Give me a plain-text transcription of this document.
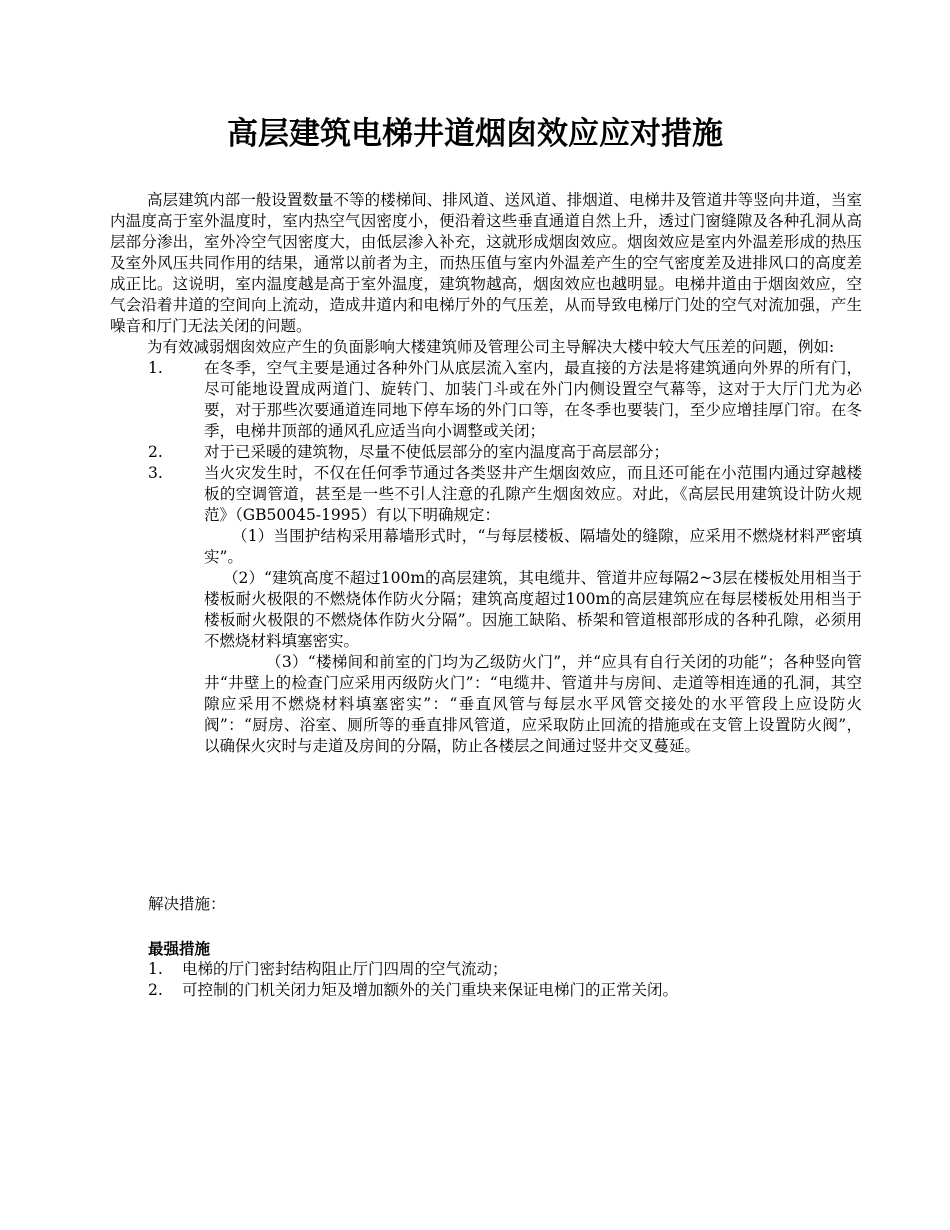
高层建筑电梯井道烟囱效应应对措施

高层建筑内部一般设置数量不等的楼梯间、排风道、送风道、排烟道、电梯井及管道井等竖向井道，当室内温度高于室外温度时，室内热空气因密度小，便沿着这些垂直通道自然上升，透过门窗缝隙及各种孔洞从高层部分渗出，室外冷空气因密度大，由低层渗入补充，这就形成烟囱效应。烟囱效应是室内外温差形成的热压及室外风压共同作用的结果，通常以前者为主，而热压值与室内外温差产生的空气密度差及进排风口的高度差成正比。这说明，室内温度越是高于室外温度，建筑物越高，烟囱效应也越明显。电梯井道由于烟囱效应，空气会沿着井道的空间向上流动，造成井道内和电梯厅外的气压差，从而导致电梯厅门处的空气对流加强，产生噪音和厅门无法关闭的问题。

为有效减弱烟囱效应产生的负面影响大楼建筑师及管理公司主导解决大楼中较大气压差的问题，例如:

1.	在冬季，空气主要是通过各种外门从底层流入室内，最直接的方法是将建筑通向外界的所有门，尽可能地设置成两道门、旋转门、加装门斗或在外门内侧设置空气幕等，这对于大厅门尤为必要，对于那些次要通道连同地下停车场的外门口等，在冬季也要装门，至少应增挂厚门帘。在冬季，电梯井顶部的通风孔应适当向小调整或关闭；
2.	对于已采暖的建筑物，尽量不使低层部分的室内温度高于高层部分；
3.	当火灾发生时，不仅在任何季节通过各类竖井产生烟囱效应，而且还可能在小范围内通过穿越楼板的空调管道，甚至是一些不引人注意的孔隙产生烟囱效应。对此，《高层民用建筑设计防火规范》（GB50045-1995）有以下明确规定：

（1）当围护结构采用幕墙形式时，“与每层楼板、隔墙处的缝隙，应采用不燃烧材料严密填实”。

（2）“建筑高度不超过100m的高层建筑，其电缆井、管道井应每隔2~3层在楼板处用相当于楼板耐火极限的不燃烧体作防火分隔；建筑高度超过100m的高层建筑应在每层楼板处用相当于楼板耐火极限的不燃烧体作防火分隔”。因施工缺陷、桥架和管道根部形成的各种孔隙，必须用不燃烧材料填塞密实。

（3）“楼梯间和前室的门均为乙级防火门”，并“应具有自行关闭的功能”；各种竖向管井“井壁上的检查门应采用丙级防火门”：“电缆井、管道井与房间、走道等相连通的孔洞，其空隙应采用不燃烧材料填塞密实”：“垂直风管与每层水平风管交接处的水平管段上应设防火阀”：“厨房、浴室、厕所等的垂直排风管道，应采取防止回流的措施或在支管上设置防火阀”，以确保火灾时与走道及房间的分隔，防止各楼层之间通过竖井交叉蔓延。

解决措施：

最强措施

1. 电梯的厅门密封结构阻止厅门四周的空气流动；
2. 可控制的门机关闭力矩及增加额外的关门重块来保证电梯门的正常关闭。
